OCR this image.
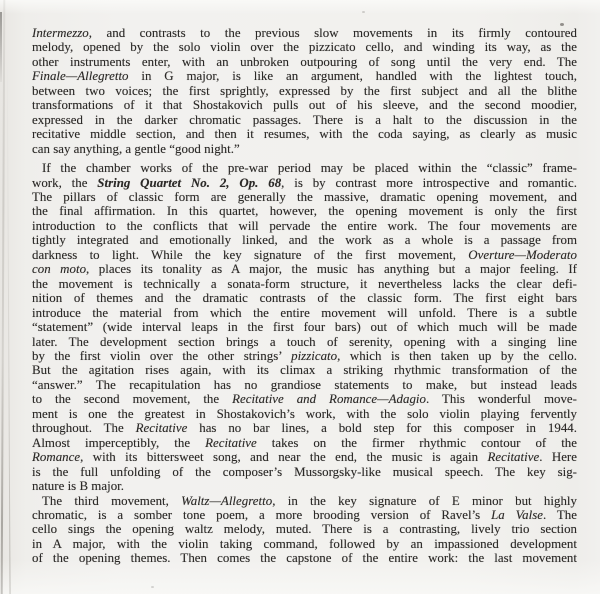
Intermezzo, and contrasts to the previous slow movements in its firmly contoured
melody, opened by the solo violin over the pizzicato cello, and winding its way, as the
other instruments enter, with an unbroken outpouring of song until the very end. The
Finale—Allegretto in G major, is like an argument, handled with the lightest touch,
between two voices; the first sprightly, expressed by the first subject and all the blithe
transformations of it that Shostakovich pulls out of his sleeve, and the second moodier,
expressed in the darker chromatic passages. There is a halt to the discussion in the
recitative middle section, and then it resumes, with the coda saying, as clearly as music
can say anything, a gentle “good night.”
If the chamber works of the pre-war period may be placed within the “classic” frame-
work, the String Quartet No. 2, Op. 68, is by contrast more introspective and romantic.
The pillars of classic form are generally the massive, dramatic opening movement, and
the final affirmation. In this quartet, however, the opening movement is only the first
introduction to the conflicts that will pervade the entire work. The four movements are
tightly integrated and emotionally linked, and the work as a whole is a passage from
darkness to light. While the key signature of the first movement, Overture—Moderato
con moto, places its tonality as A major, the music has anything but a major feeling. If
the movement is technically a sonata-form structure, it nevertheless lacks the clear defi-
nition of themes and the dramatic contrasts of the classic form. The first eight bars
introduce the material from which the entire movement will unfold. There is a subtle
“statement” (wide interval leaps in the first four bars) out of which much will be made
later. The development section brings a touch of serenity, opening with a singing line
by the first violin over the other strings’ pizzicato, which is then taken up by the cello.
But the agitation rises again, with its climax a striking rhythmic transformation of the
“answer.” The recapitulation has no grandiose statements to make, but instead leads
to the second movement, the Recitative and Romance—Adagio. This wonderful move-
ment is one the greatest in Shostakovich’s work, with the solo violin playing fervently
throughout. The Recitative has no bar lines, a bold step for this composer in 1944.
Almost imperceptibly, the Recitative takes on the firmer rhythmic contour of the
Romance, with its bittersweet song, and near the end, the music is again Recitative. Here
is the full unfolding of the composer’s Mussorgsky-like musical speech. The key sig-
nature is B major.
The third movement, Waltz—Allegretto, in the key signature of E minor but highly
chromatic, is a somber tone poem, a more brooding version of Ravel’s La Valse. The
cello sings the opening waltz melody, muted. There is a contrasting, lively trio section
in A major, with the violin taking command, followed by an impassioned development
of the opening themes. Then comes the capstone of the entire work: the last movement
